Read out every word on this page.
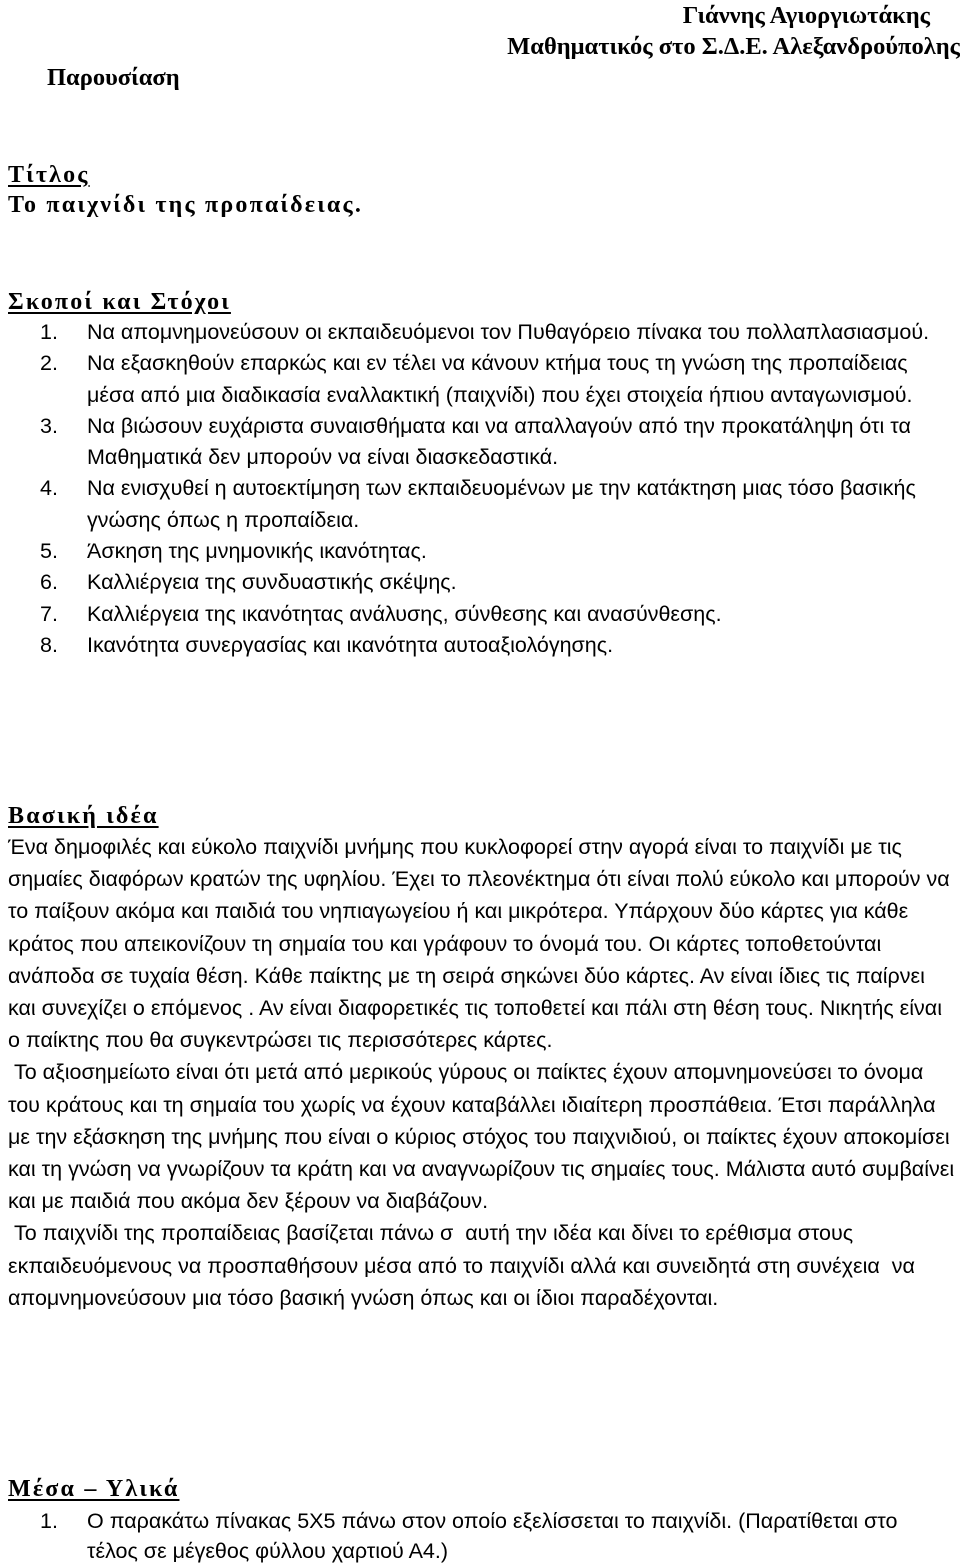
Γιάννης Αγιοργιωτάκης
Μαθηματικός στο Σ.Δ.Ε. Αλεξανδρούπολης
Παρουσίαση
Τίτλος
Το παιχνίδι της προπαίδειας.
Σκοποί και Στόχοι
1. Να απομνημονεύσουν οι εκπαιδευόμενοι τον Πυθαγόρειο πίνακα του πολλαπλασιασμού.
2. Να εξασκηθούν επαρκώς και εν τέλει να κάνουν κτήμα τους τη γνώση της προπαίδειας μέσα από μια διαδικασία εναλλακτική (παιχνίδι) που έχει στοιχεία ήπιου ανταγωνισμού.
3. Να βιώσουν ευχάριστα συναισθήματα και να απαλλαγούν από την προκατάληψη ότι τα Μαθηματικά δεν μπορούν να είναι διασκεδαστικά.
4. Να ενισχυθεί η αυτοεκτίμηση των εκπαιδευομένων με την κατάκτηση μιας τόσο βασικής γνώσης όπως η προπαίδεια.
5. Άσκηση της μνημονικής ικανότητας.
6. Καλλιέργεια της συνδυαστικής σκέψης.
7. Καλλιέργεια της ικανότητας ανάλυσης, σύνθεσης και ανασύνθεσης.
8. Ικανότητα συνεργασίας και ικανότητα αυτοαξιολόγησης.
Βασική ιδέα

Ένα δημοφιλές και εύκολο παιχνίδι μνήμης που κυκλοφορεί στην αγορά είναι το παιχνίδι με τις σημαίες διαφόρων κρατών της υφηλίου. Έχει το πλεονέκτημα ότι είναι πολύ εύκολο και μπορούν να το παίξουν ακόμα και παιδιά του νηπιαγωγείου ή και μικρότερα. Υπάρχουν δύο κάρτες για κάθε κράτος που απεικονίζουν τη σημαία του και γράφουν το όνομά του. Οι κάρτες τοποθετούνται ανάποδα σε τυχαία θέση. Κάθε παίκτης με τη σειρά σηκώνει δύο κάρτες. Αν είναι ίδιες τις παίρνει και συνεχίζει ο επόμενος . Αν είναι διαφορετικές τις τοποθετεί και πάλι στη θέση τους. Νικητής είναι ο παίκτης που θα συγκεντρώσει τις περισσότερες κάρτες.

Το αξιοσημείωτο είναι ότι μετά από μερικούς γύρους οι παίκτες έχουν απομνημονεύσει το όνομα του κράτους και τη σημαία του χωρίς να έχουν καταβάλλει ιδιαίτερη προσπάθεια. Έτσι παράλληλα με την εξάσκηση της μνήμης που είναι ο κύριος στόχος του παιχνιδιού, οι παίκτες έχουν αποκομίσει και τη γνώση να γνωρίζουν τα κράτη και να αναγνωρίζουν τις σημαίες τους. Μάλιστα αυτό συμβαίνει και με παιδιά που ακόμα δεν ξέρουν να διαβάζουν.

Το παιχνίδι της προπαίδειας βασίζεται πάνω σ  αυτή την ιδέα και δίνει το ερέθισμα στους εκπαιδευόμενους να προσπαθήσουν μέσα από το παιχνίδι αλλά και συνειδητά στη συνέχεια  να απομνημονεύσουν μια τόσο βασική γνώση όπως και οι ίδιοι παραδέχονται.

Μέσα – Υλικά
1. Ο παρακάτω πίνακας 5Χ5 πάνω στον οποίο εξελίσσεται το παιχνίδι. (Παρατίθεται στο τέλος σε μέγεθος φύλλου χαρτιού Α4.)
